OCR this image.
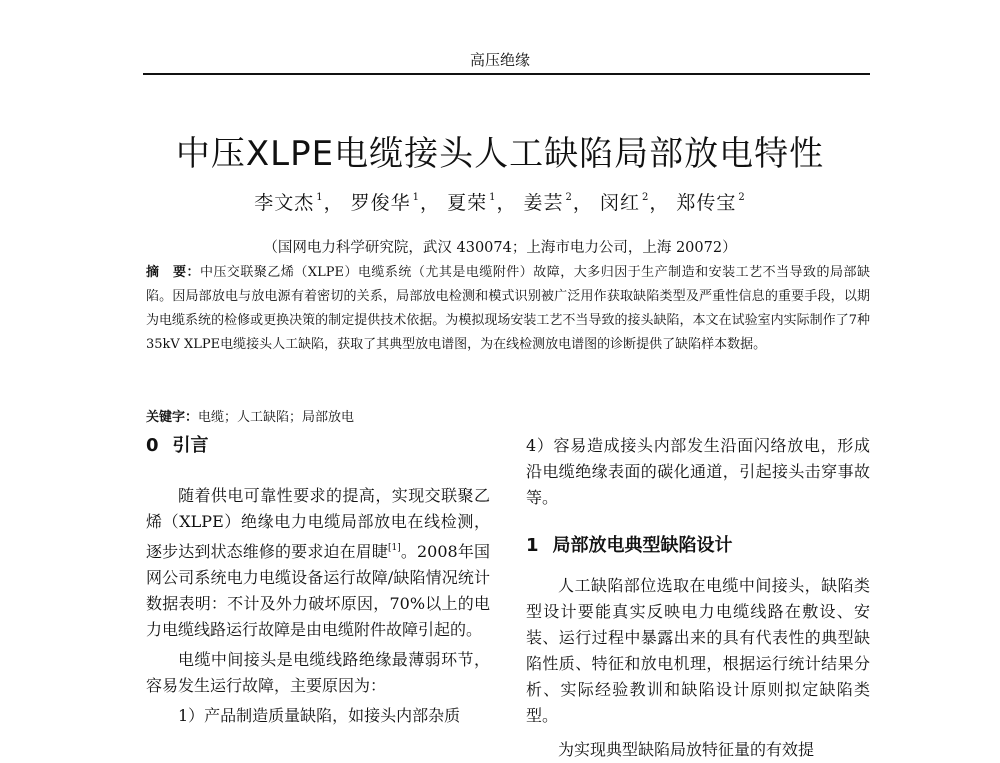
高压绝缘
中压XLPE电缆接头人工缺陷局部放电特性
李文杰 $^1$， 罗俊华 $^1$， 夏荣 $^1$， 姜芸 $^2$， 闵红 $^2$， 郑传宝 $^2$
（国网电力科学研究院，武汉 430074；上海市电力公司，上海 20072）
摘　要：中压交联聚乙烯（XLPE）电缆系统（尤其是电缆附件）故障，大多归因于生产制造和安装工艺不当导致的局部缺陷。因局部放电与放电源有着密切的关系，局部放电检测和模式识别被广泛用作获取缺陷类型及严重性信息的重要手段，以期为电缆系统的检修或更换决策的制定提供技术依据。为模拟现场安装工艺不当导致的接头缺陷，本文在试验室内实际制作了7种35kV XLPE电缆接头人工缺陷，获取了其典型放电谱图，为在线检测放电谱图的诊断提供了缺陷样本数据。
关键字：电缆；人工缺陷；局部放电
0 引言

随着供电可靠性要求的提高，实现交联聚乙烯（XLPE）绝缘电力电缆局部放电在线检测，逐步达到状态维修的要求迫在眉睫[1]。2008年国网公司系统电力电缆设备运行故障/缺陷情况统计数据表明：不计及外力破坏原因，70%以上的电力电缆线路运行故障是由电缆附件故障引起的。

电缆中间接头是电缆线路绝缘最薄弱环节，容易发生运行故障，主要原因为：

1）产品制造质量缺陷，如接头内部杂质

4）容易造成接头内部发生沿面闪络放电，形成沿电缆绝缘表面的碳化通道，引起接头击穿事故等。

1 局部放电典型缺陷设计

人工缺陷部位选取在电缆中间接头，缺陷类型设计要能真实反映电力电缆线路在敷设、安装、运行过程中暴露出来的具有代表性的典型缺陷性质、特征和放电机理，根据运行统计结果分析、实际经验教训和缺陷设计原则拟定缺陷类型。

为实现典型缺陷局放特征量的有效提
